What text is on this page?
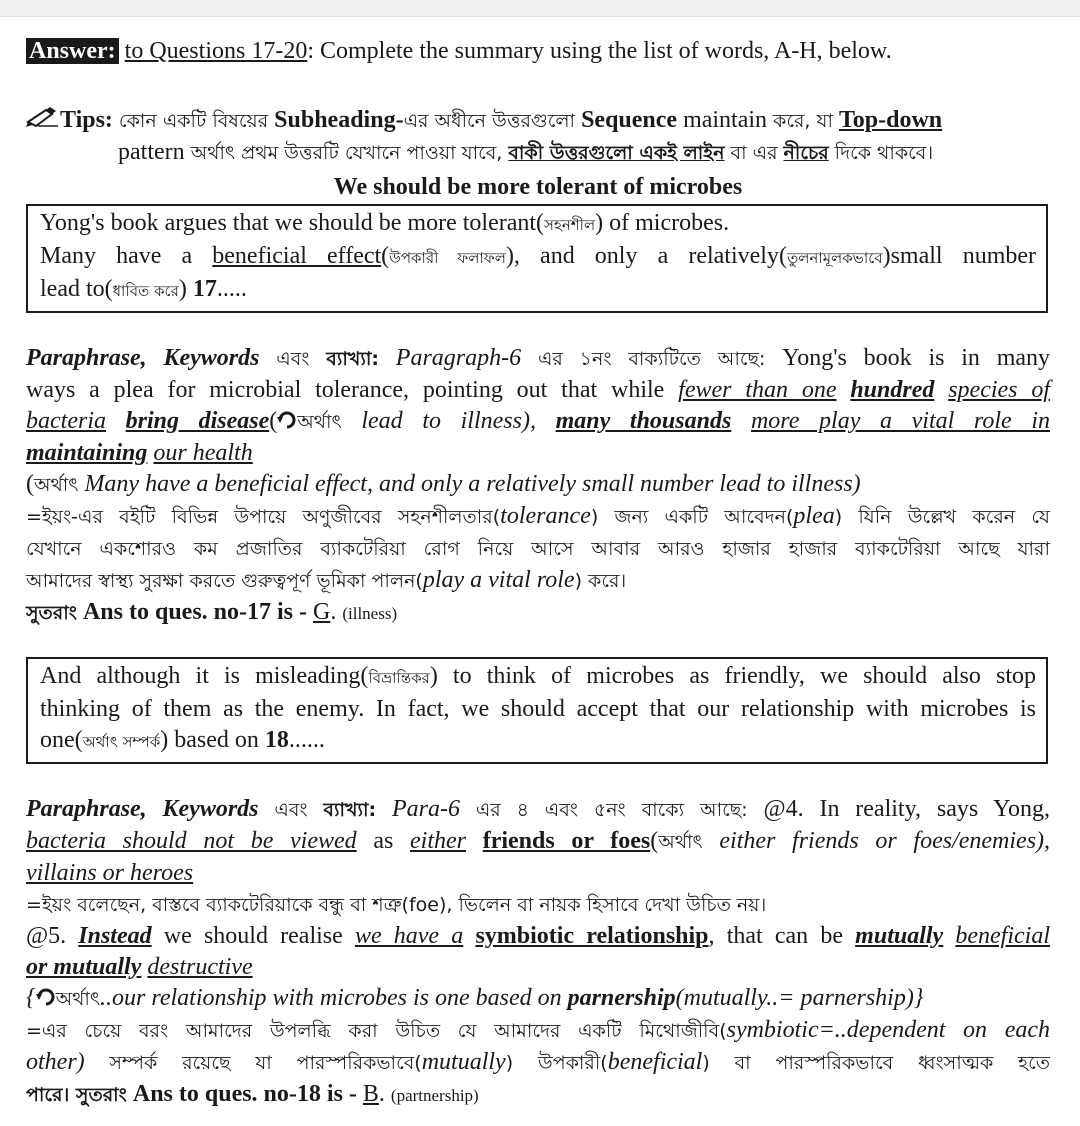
Answer: to Questions 17-20: Complete the summary using the list of words, A-H, below.
Tips: কোন একটি বিষয়ের Subheading-এর অধীনে উত্তরগুলো Sequence maintain করে, যা Top-down
pattern অর্থাৎ প্রথম উত্তরটি যেখানে পাওয়া যাবে, বাকী উত্তরগুলো একই লাইন বা এর নীচের দিকে থাকবে।
We should be more tolerant of microbes
Yong's book argues that we should be more tolerant(সহনশীল) of microbes.
Many have a beneficial effect(উপকারী ফলাফল), and only a relatively(তুলনামূলকভাবে)small number
lead to(ধাবিত করে) 17.....
Paraphrase, Keywords এবং ব্যাখ্যা: Paragraph-6 এর ১নং বাক্যটিতে আছে: Yong's book is in many
ways a plea for microbial tolerance, pointing out that while fewer than one hundred species of
bacteria bring disease( অর্থাৎ lead to illness), many thousands more play a vital role in
maintaining our health
(অর্থাৎ Many have a beneficial effect, and only a relatively small number lead to illness)
=ইয়ং-এর বইটি বিভিন্ন উপায়ে অণুজীবের সহনশীলতার(tolerance) জন্য একটি আবেদন(plea) যিনি উল্লেখ করেন যে
যেখানে একশোরও কম প্রজাতির ব্যাকটেরিয়া রোগ নিয়ে আসে আবার আরও হাজার হাজার ব্যাকটেরিয়া আছে যারা
আমাদের স্বাস্থ্য সুরক্ষা করতে গুরুত্বপূর্ণ ভূমিকা পালন(play a vital role) করে।
সুতরাং Ans to ques. no-17 is - G. (illness)
And although it is misleading(বিভ্রান্তিকর) to think of microbes as friendly, we should also stop
thinking of them as the enemy. In fact, we should accept that our relationship with microbes is
one(অর্থাৎ সম্পর্ক) based on 18......
Paraphrase, Keywords এবং ব্যাখ্যা: Para-6 এর ৪ এবং ৫নং বাক্যে আছে: @4. In reality, says Yong,
bacteria should not be viewed as either friends or foes(অর্থাৎ either friends or foes/enemies),
villains or heroes
=ইয়ং বলেছেন, বাস্তবে ব্যাকটেরিয়াকে বন্ধু বা শত্রু(foe), ভিলেন বা নায়ক হিসাবে দেখা উচিত নয়।
@5. Instead we should realise we have a symbiotic relationship, that can be mutually beneficial
or mutually destructive
{ অর্থাৎ..our relationship with microbes is one based on parnership(mutually..= parnership)}
=এর চেয়ে বরং আমাদের উপলব্ধি করা উচিত যে আমাদের একটি মিথোজীবি(symbiotic=..dependent on each
other) সম্পর্ক রয়েছে যা পারস্পরিকভাবে(mutually) উপকারী(beneficial) বা পারস্পরিকভাবে ধ্বংসাত্মক হতে
পারে। সুতরাং Ans to ques. no-18 is - B. (partnership)
